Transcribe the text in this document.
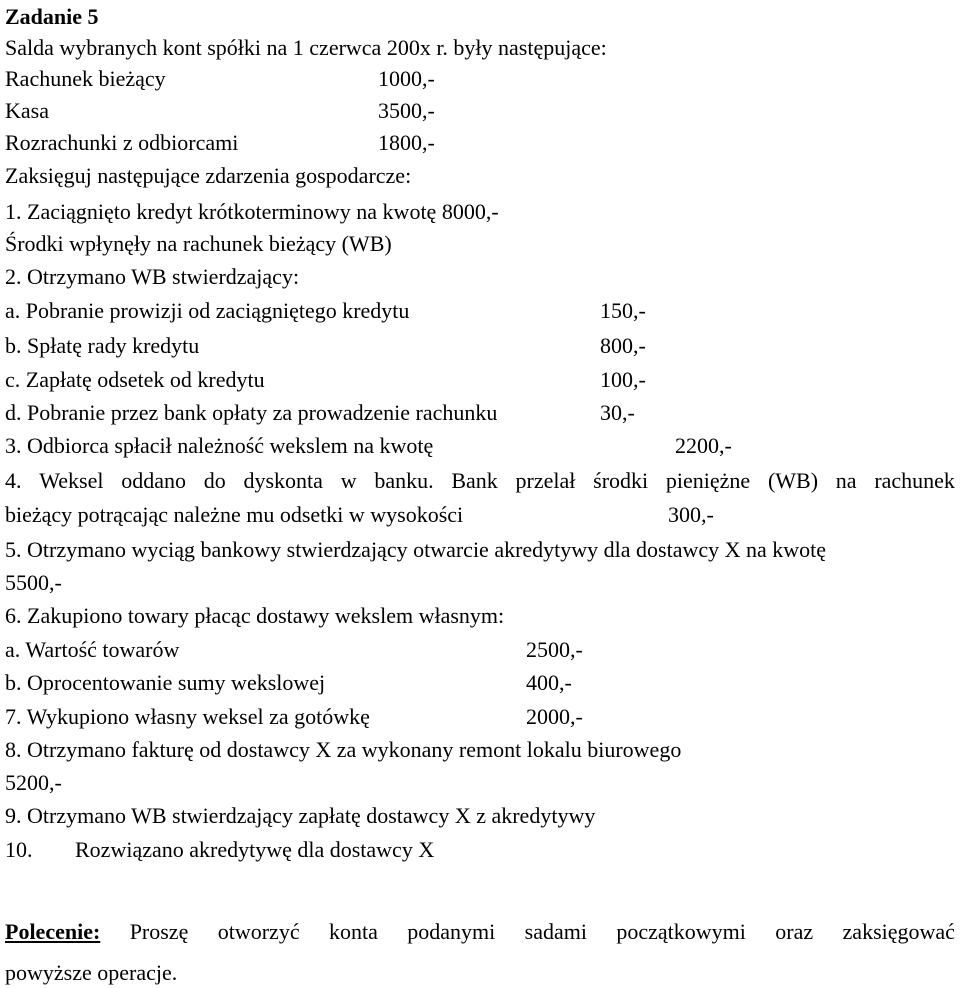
Zadanie 5
Salda wybranych kont spółki na 1 czerwca 200x r. były następujące:
Rachunek bieżący	1000,-
Kasa	3500,-
Rozrachunki z odbiorcami	1800,-
Zaksięguj następujące zdarzenia gospodarcze:
1. Zaciągnięto kredyt krótkoterminowy na kwotę 8000,-
Środki wpłynęły na rachunek bieżący (WB)
2. Otrzymano WB stwierdzający:
a. Pobranie prowizji od zaciągniętego kredytu	150,-
b. Spłatę rady kredytu	800,-
c. Zapłatę odsetek od kredytu	100,-
d. Pobranie przez bank opłaty za prowadzenie rachunku	30,-
3. Odbiorca spłacił należność wekslem na kwotę	2200,-
4. Weksel oddano do dyskonta w banku. Bank przelał środki pieniężne (WB) na rachunek
bieżący potrącając należne mu odsetki w wysokości	300,-
5. Otrzymano wyciąg bankowy stwierdzający otwarcie akredytywy dla dostawcy X na kwotę
5500,-
6. Zakupiono towary płacąc dostawy wekslem własnym:
a. Wartość towarów	2500,-
b. Oprocentowanie sumy wekslowej	400,-
7. Wykupiono własny weksel za gotówkę	2000,-
8. Otrzymano fakturę od dostawcy X za wykonany remont lokalu biurowego
5200,-
9. Otrzymano WB stwierdzający zapłatę dostawcy X z akredytywy
10. Rozwiązano akredytywę dla dostawcy X
Polecenie: Proszę otworzyć konta podanymi sadami początkowymi oraz zaksięgować
powyższe operacje.
